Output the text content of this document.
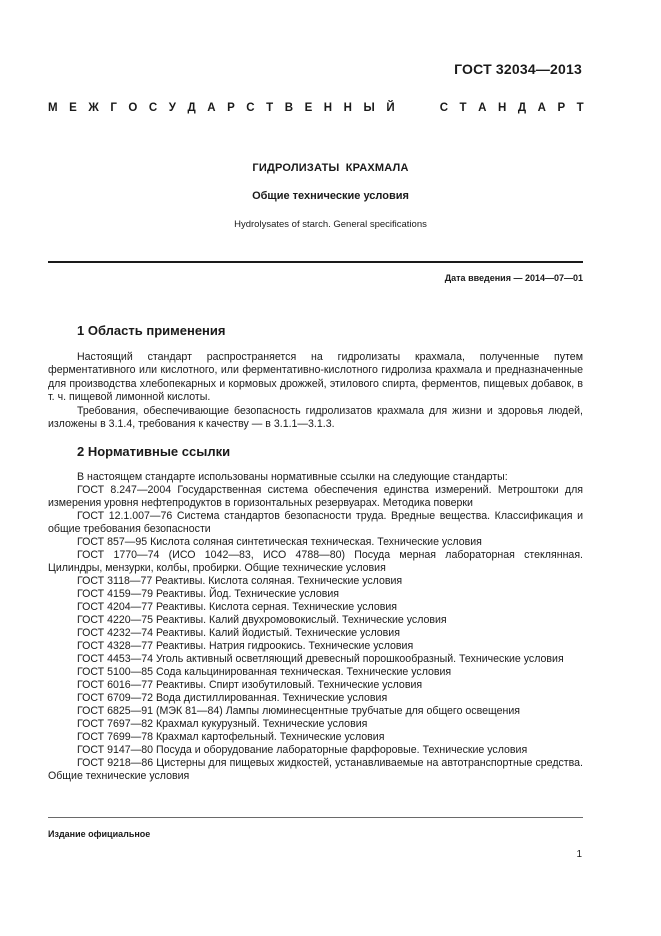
ГОСТ 32034—2013
М Е Ж Г О С У Д А Р С Т В Е Н Н Ы Й	С Т А Н Д А Р Т
ГИДРОЛИЗАТЫ КРАХМАЛА
Общие технические условия
Hydrolysates of starch. General specifications
Дата введения — 2014—07—01
1 Область применения

Настоящий стандарт распространяется на гидролизаты крахмала, полученные путем ферментативного или кислотного, или ферментативно-кислотного гидролиза крахмала и предназначенные для производства хлебопекарных и кормовых дрожжей, этилового спирта, ферментов, пищевых добавок, в т. ч. пищевой лимонной кислоты.

Требования, обеспечивающие безопасность гидролизатов крахмала для жизни и здоровья людей, изложены в 3.1.4, требования к качеству — в 3.1.1—3.1.3.

2 Нормативные ссылки

В настоящем стандарте использованы нормативные ссылки на следующие стандарты:

ГОСТ 8.247—2004 Государственная система обеспечения единства измерений. Метроштоки для измерения уровня нефтепродуктов в горизонтальных резервуарах. Методика поверки

ГОСТ 12.1.007—76 Система стандартов безопасности труда. Вредные вещества. Классификация и общие требования безопасности

ГОСТ 857—95 Кислота соляная синтетическая техническая. Технические условия

ГОСТ 1770—74 (ИСО 1042—83, ИСО 4788—80) Посуда мерная лабораторная стеклянная. Цилиндры, мензурки, колбы, пробирки. Общие технические условия

ГОСТ 3118—77 Реактивы. Кислота соляная. Технические условия

ГОСТ 4159—79 Реактивы. Йод. Технические условия

ГОСТ 4204—77 Реактивы. Кислота серная. Технические условия

ГОСТ 4220—75 Реактивы. Калий двухромовокислый. Технические условия

ГОСТ 4232—74 Реактивы. Калий йодистый. Технические условия

ГОСТ 4328—77 Реактивы. Натрия гидроокись. Технические условия

ГОСТ 4453—74 Уголь активный осветляющий древесный порошкообразный. Технические условия

ГОСТ 5100—85 Сода кальцинированная техническая. Технические условия

ГОСТ 6016—77 Реактивы. Спирт изобутиловый. Технические условия

ГОСТ 6709—72 Вода дистиллированная. Технические условия

ГОСТ 6825—91 (МЭК 81—84) Лампы люминесцентные трубчатые для общего освещения

ГОСТ 7697—82 Крахмал кукурузный. Технические условия

ГОСТ 7699—78 Крахмал картофельный. Технические условия

ГОСТ 9147—80 Посуда и оборудование лабораторные фарфоровые. Технические условия

ГОСТ 9218—86 Цистерны для пищевых жидкостей, устанавливаемые на автотранспортные средства. Общие технические условия

Издание официальное
1
